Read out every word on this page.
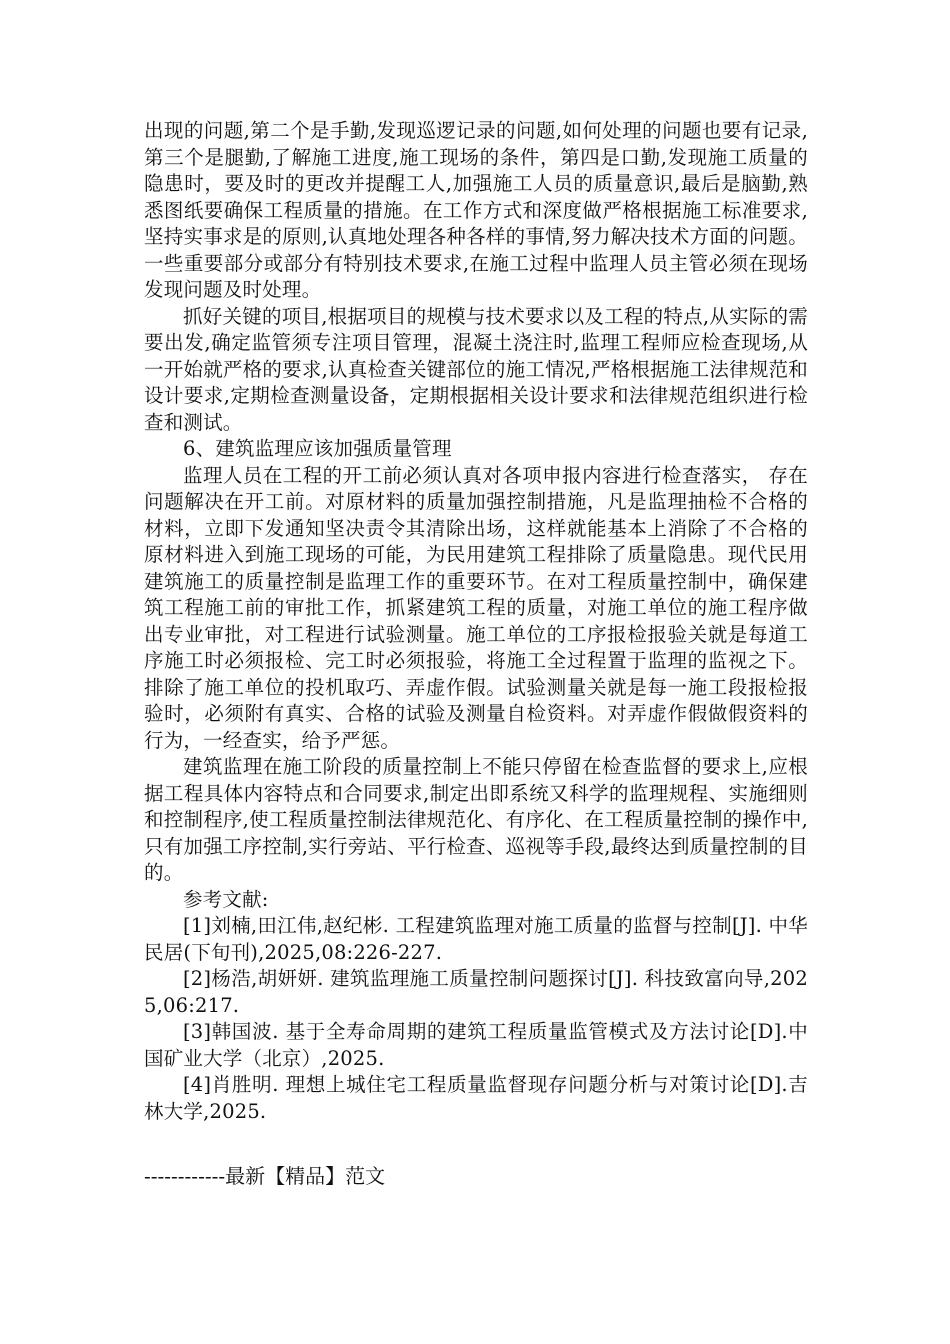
出现的问题,第二个是手勤,发现巡逻记录的问题,如何处理的问题也要有记录,第三个是腿勤,了解施工进度,施工现场的条件，第四是口勤,发现施工质量的隐患时，要及时的更改并提醒工人,加强施工人员的质量意识,最后是脑勤,熟悉图纸要确保工程质量的措施。在工作方式和深度做严格根据施工标准要求,坚持实事求是的原则,认真地处理各种各样的事情,努力解决技术方面的问题。一些重要部分或部分有特别技术要求,在施工过程中监理人员主管必须在现场发现问题及时处理。

抓好关键的项目,根据项目的规模与技术要求以及工程的特点,从实际的需要出发,确定监管须专注项目管理，混凝土浇注时,监理工程师应检查现场,从一开始就严格的要求,认真检查关键部位的施工情况,严格根据施工法律规范和设计要求,定期检查测量设备，定期根据相关设计要求和法律规范组织进行检查和测试。

6、建筑监理应该加强质量管理

监理人员在工程的开工前必须认真对各项申报内容进行检查落实， 存在问题解决在开工前。对原材料的质量加强控制措施，凡是监理抽检不合格的材料，立即下发通知坚决责令其清除出场，这样就能基本上消除了不合格的原材料进入到施工现场的可能，为民用建筑工程排除了质量隐患。现代民用建筑施工的质量控制是监理工作的重要环节。在对工程质量控制中，确保建筑工程施工前的审批工作，抓紧建筑工程的质量，对施工单位的施工程序做出专业审批，对工程进行试验测量。施工单位的工序报检报验关就是每道工序施工时必须报检、完工时必须报验，将施工全过程置于监理的监视之下。排除了施工单位的投机取巧、弄虚作假。试验测量关就是每一施工段报检报验时，必须附有真实、合格的试验及测量自检资料。对弄虚作假做假资料的行为，一经查实，给予严惩。

建筑监理在施工阶段的质量控制上不能只停留在检查监督的要求上,应根据工程具体内容特点和合同要求,制定出即系统又科学的监理规程、实施细则和控制程序,使工程质量控制法律规范化、有序化、在工程质量控制的操作中,只有加强工序控制,实行旁站、平行检查、巡视等手段,最终达到质量控制的目的。

参考文献:

[1]刘楠,田江伟,赵纪彬. 工程建筑监理对施工质量的监督与控制[J]. 中华民居(下旬刊),2025,08:226-227.

[2]杨浩,胡妍妍. 建筑监理施工质量控制问题探讨[J]. 科技致富向导,2025,06:217.

[3]韩国波. 基于全寿命周期的建筑工程质量监管模式及方法讨论[D].中国矿业大学（北京）,2025.

[4]肖胜明. 理想上城住宅工程质量监督现存问题分析与对策讨论[D].吉林大学,2025.

------------最新【精品】范文
